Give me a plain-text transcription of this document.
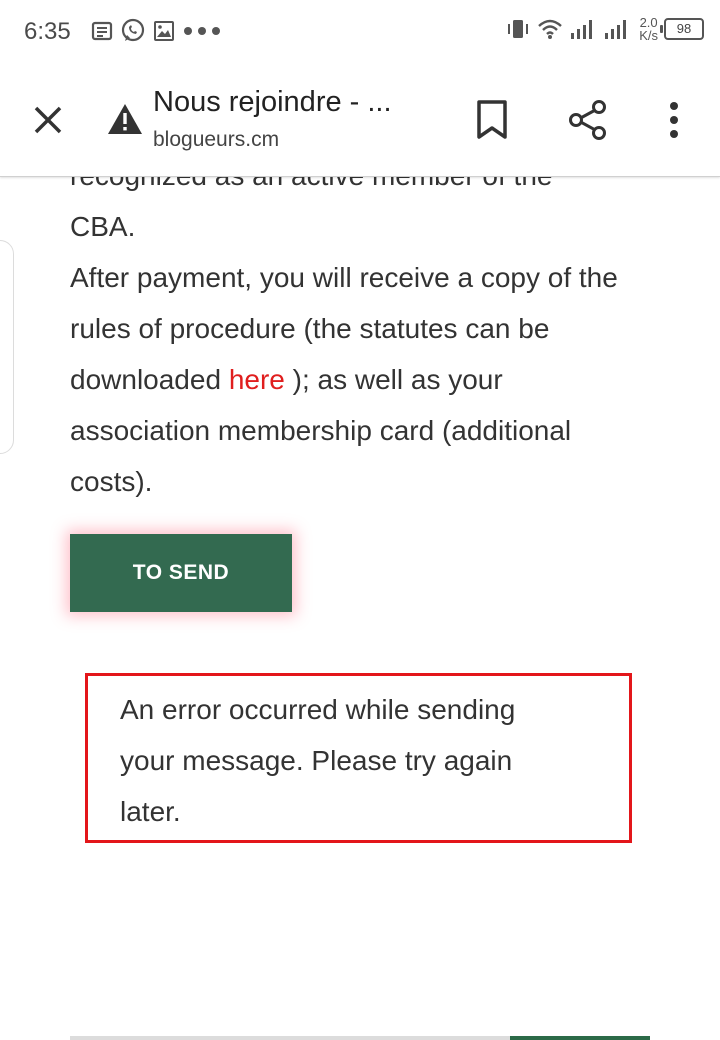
6:35	2.0
K/s	98
Nous rejoindre - ...
blogueurs.cm

CBA.

After payment, you will receive a copy of the rules of procedure (the statutes can be downloaded here ); as well as your association membership card (additional costs).

TO SEND
An error occurred while sending your message. Please try again later.
